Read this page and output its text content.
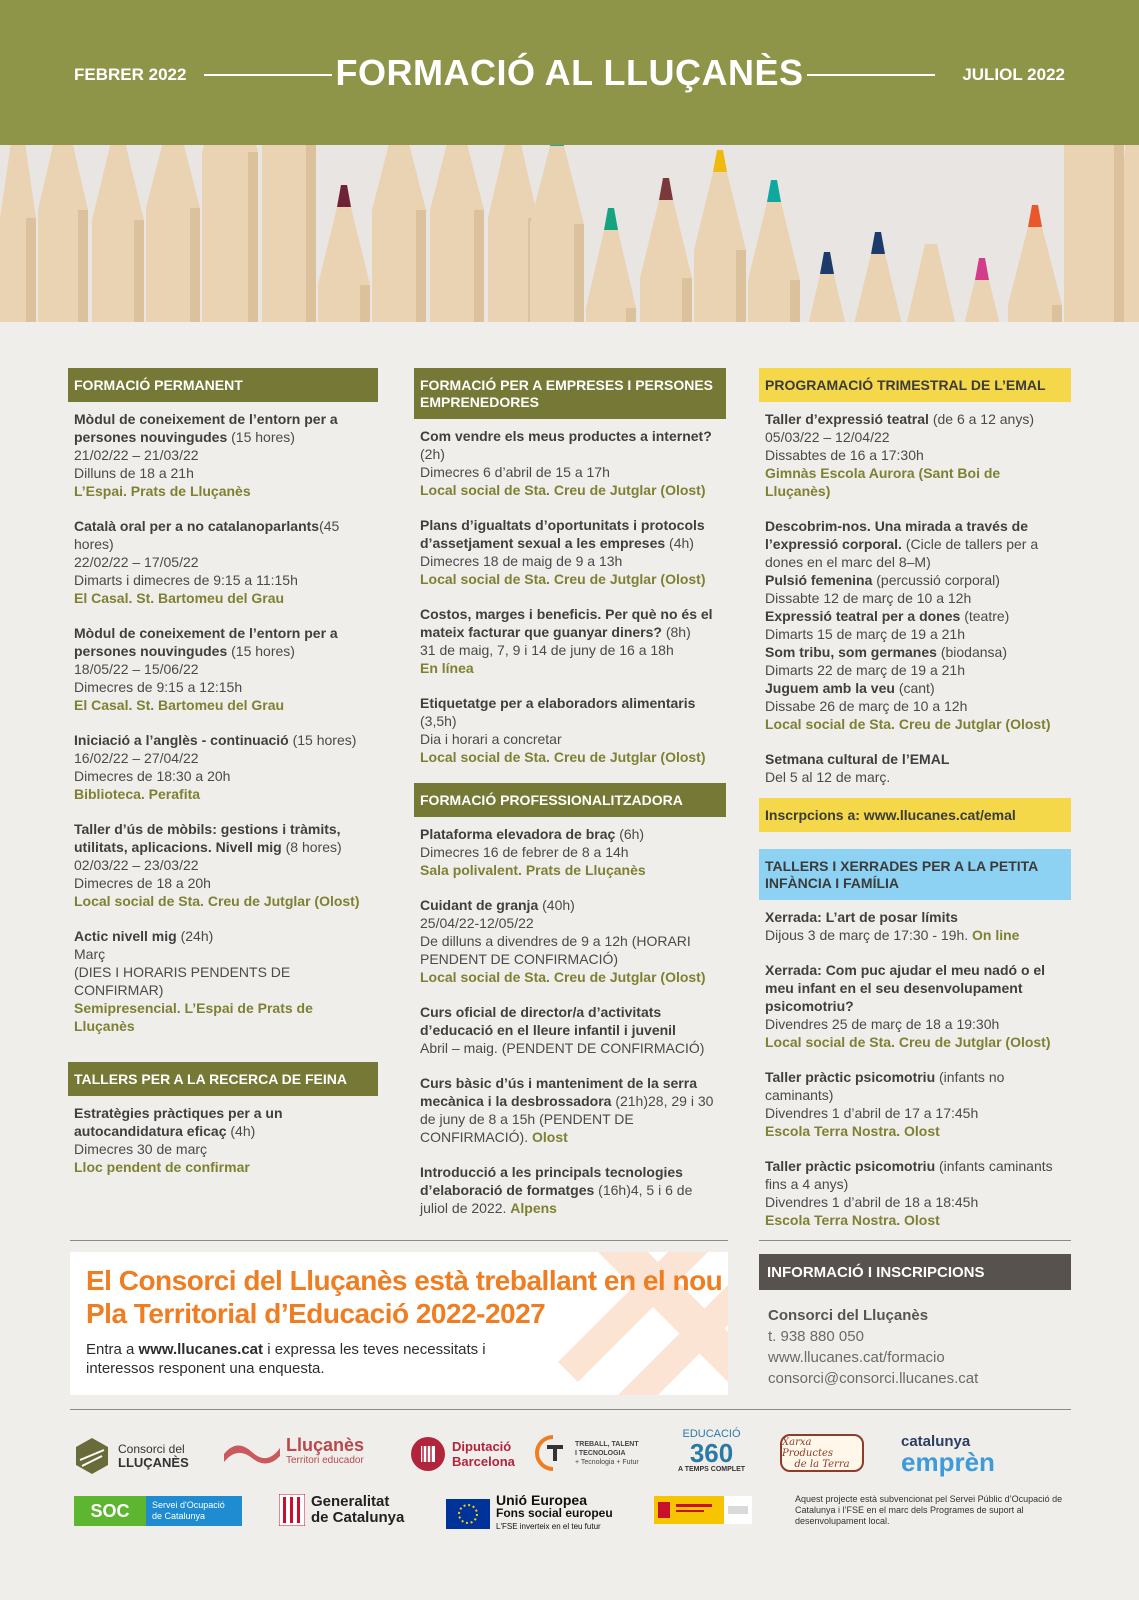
FEBRER 2022	FORMACIÓ AL LLUÇANÈS	JULIOL 2022
FORMACIÓ PERMANENT
Mòdul de coneixement de l’entorn per a persones nouvingudes (15 hores)
21/02/22 – 21/03/22
Dilluns de 18 a 21h
L’Espai. Prats de Lluçanès
Català oral per a no catalanoparlants(45 hores)
22/02/22 – 17/05/22
Dimarts i dimecres de 9:15 a 11:15h
El Casal. St. Bartomeu del Grau
Mòdul de coneixement de l’entorn per a persones nouvingudes (15 hores)
18/05/22 – 15/06/22
Dimecres de 9:15 a 12:15h
El Casal. St. Bartomeu del Grau
Iniciació a l’anglès - continuació (15 hores)
16/02/22 – 27/04/22
Dimecres de 18:30 a 20h
Biblioteca. Perafita
Taller d’ús de mòbils: gestions i tràmits, utilitats, aplicacions. Nivell mig (8 hores)
02/03/22 – 23/03/22
Dimecres de 18 a 20h
Local social de Sta. Creu de Jutglar (Olost)
Actic nivell mig (24h)
Març
(DIES I HORARIS PENDENTS DE CONFIRMAR)
Semipresencial. L’Espai de Prats de Lluçanès
TALLERS PER A LA RECERCA DE FEINA
Estratègies pràctiques per a un autocandidatura eficaç (4h)
Dimecres 30 de març
Lloc pendent de confirmar
FORMACIÓ PER A EMPRESES I PERSONES EMPRENEDORES
Com vendre els meus productes a internet? (2h)
Dimecres 6 d’abril de 15 a 17h
Local social de Sta. Creu de Jutglar (Olost)
Plans d’igualtats d’oportunitats i protocols d’assetjament sexual a les empreses (4h)
Dimecres 18 de maig de 9 a 13h
Local social de Sta. Creu de Jutglar (Olost)
Costos, marges i beneficis. Per què no és el mateix facturar que guanyar diners? (8h)
31 de maig, 7, 9 i 14 de juny de 16 a 18h
En línea
Etiquetatge per a elaboradors alimentaris (3,5h)
Dia i horari a concretar
Local social de Sta. Creu de Jutglar (Olost)
FORMACIÓ PROFESSIONALITZADORA
Plataforma elevadora de braç (6h)
Dimecres 16 de febrer de 8 a 14h
Sala polivalent. Prats de Lluçanès
Cuidant de granja (40h)
25/04/22-12/05/22
De dilluns a divendres de 9 a 12h (HORARI PENDENT DE CONFIRMACIÓ)
Local social de Sta. Creu de Jutglar (Olost)
Curs oficial de director/a d’activitats d’educació en el lleure infantil i juvenil
Abril – maig. (PENDENT DE CONFIRMACIÓ)
Curs bàsic d’ús i manteniment de la serra mecànica i la desbrossadora (21h)28, 29 i 30 de juny de 8 a 15h (PENDENT DE CONFIRMACIÓ). Olost
Introducció a les principals tecnologies d’elaboració de formatges (16h)4, 5 i 6 de juliol de 2022. Alpens
PROGRAMACIÓ TRIMESTRAL DE L’EMAL
Taller d’expressió teatral (de 6 a 12 anys)
05/03/22 – 12/04/22
Dissabtes de 16 a 17:30h
Gimnàs Escola Aurora (Sant Boi de Lluçanès)
Descobrim-nos. Una mirada a través de l’expressió corporal. (Cicle de tallers per a dones en el marc del 8–M)
Pulsió femenina (percussió corporal)
Dissabte 12 de març de 10 a 12h
Expressió teatral per a dones (teatre)
Dimarts 15 de març de 19 a 21h
Som tribu, som germanes (biodansa)
Dimarts 22 de març de 19 a 21h
Juguem amb la veu (cant)
Dissabe 26 de març de 10 a 12h
Local social de Sta. Creu de Jutglar (Olost)
Setmana cultural de l’EMAL
Del 5 al 12 de març.
Inscrpcions a: www.llucanes.cat/emal
TALLERS I XERRADES PER A LA PETITA INFÀNCIA I FAMÍLIA
Xerrada: L’art de posar límits
Dijous 3 de març de 17:30 - 19h. On line
Xerrada: Com puc ajudar el meu nadó o el meu infant en el seu desenvolupament psicomotriu?
Divendres 25 de març de 18 a 19:30h
Local social de Sta. Creu de Jutglar (Olost)
Taller pràctic psicomotriu (infants no caminants)
Divendres 1 d’abril de 17 a 17:45h
Escola Terra Nostra. Olost
Taller pràctic psicomotriu (infants caminants fins a 4 anys)
Divendres 1 d’abril de 18 a 18:45h
Escola Terra Nostra. Olost
El Consorci del Lluçanès està treballant en el nou Pla Territorial d’Educació 2022-2027
Entra a www.llucanes.cat i expressa les teves necessitats i interessos responent una enquesta.
INFORMACIÓ I INSCRIPCIONS
Consorci del Lluçanès
t. 938 880 050
www.llucanes.cat/formacio
consorci@consorci.llucanes.cat
Consorci del
LLUÇANÈS
Lluçanès
Territori educador
Diputació
Barcelona
TREBALL, TALENT
I TECNOLOGIA
+ Tecnologia + Futur
EDUCACIÓ
360
A TEMPS COMPLET
Xarxa Productes
de la Terra
catalunya
emprèn
SOC	Servei d'Ocupació
de Catalunya
Generalitat
de Catalunya
Unió Europea
Fons social europeu
L'FSE inverteix en el teu futur
Aquest projecte està subvencionat pel Servei Públic d’Ocupació de Catalunya i l’FSE en el marc dels Programes de suport al desenvolupament local.
